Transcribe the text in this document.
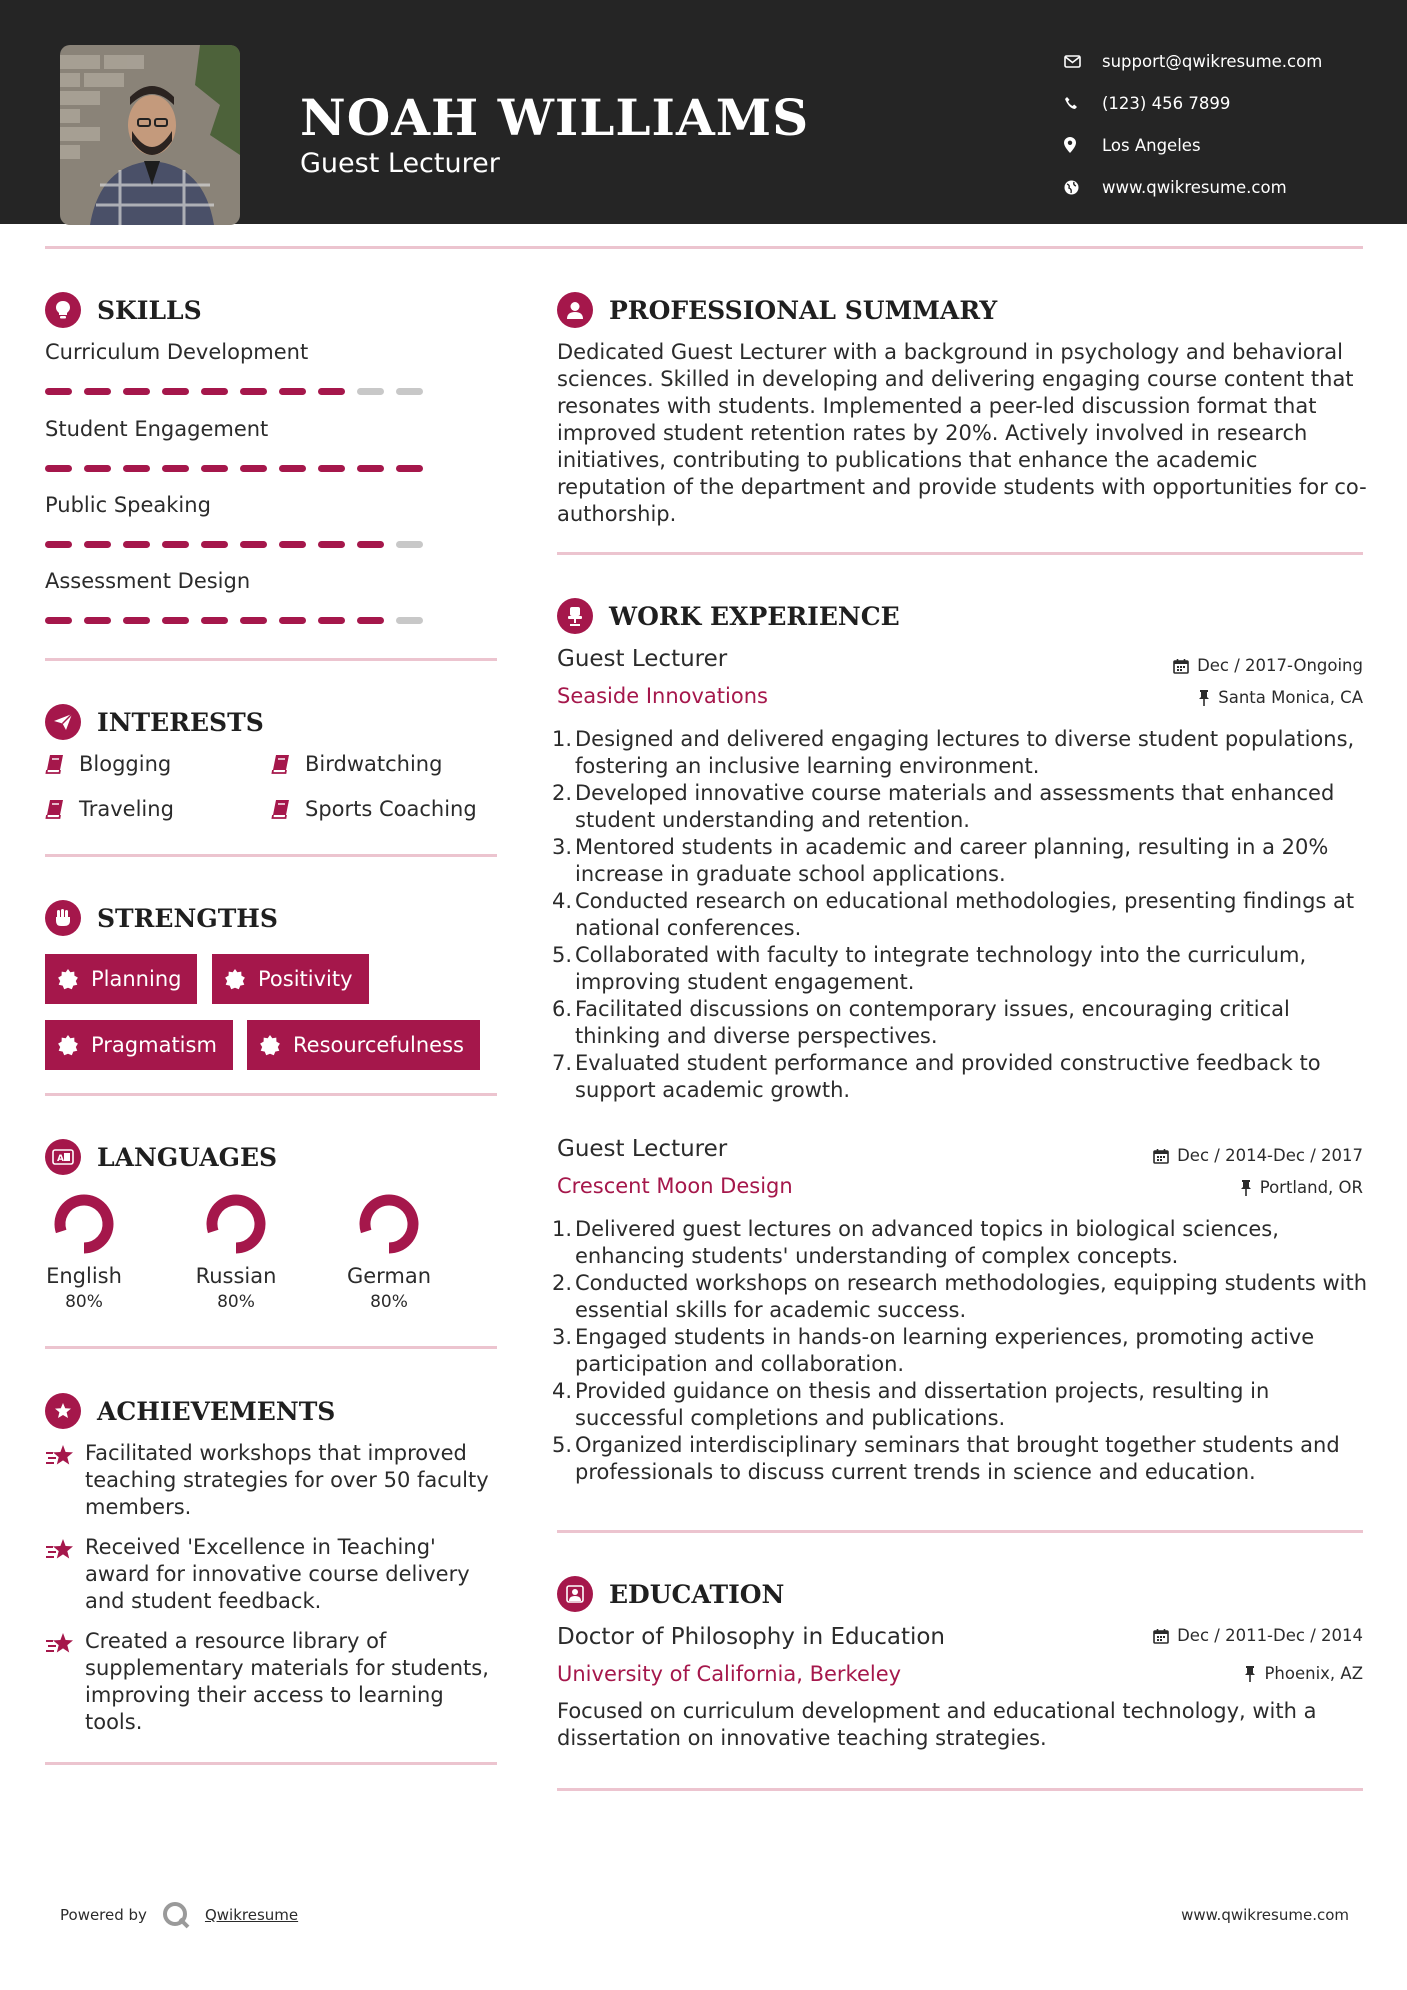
NOAH WILLIAMS
Guest Lecturer
support@qwikresume.com
(123) 456 7899
Los Angeles
www.qwikresume.com
SKILLS
Curriculum Development
Student Engagement
Public Speaking
Assessment Design
INTERESTS
Blogging	Birdwatching
Traveling	Sports Coaching
STRENGTHS
Planning	Positivity
Pragmatism	Resourcefulness
A LANGUAGES
English
80%
Russian
80%
German
80%
ACHIEVEMENTS
Facilitated workshops that improved teaching strategies for over 50 faculty members.
Received 'Excellence in Teaching' award for innovative course delivery and student feedback.
Created a resource library of supplementary materials for students, improving their access to learning tools.
PROFESSIONAL SUMMARY
Dedicated Guest Lecturer with a background in psychology and behavioral sciences. Skilled in developing and delivering engaging course content that resonates with students. Implemented a peer-led discussion format that improved student retention rates by 20%. Actively involved in research initiatives, contributing to publications that enhance the academic reputation of the department and provide students with opportunities for co-authorship.
WORK EXPERIENCE
Guest Lecturer	Dec / 2017-Ongoing
Seaside Innovations	Santa Monica, CA
1. Designed and delivered engaging lectures to diverse student populations, fostering an inclusive learning environment.
2. Developed innovative course materials and assessments that enhanced student understanding and retention.
3. Mentored students in academic and career planning, resulting in a 20% increase in graduate school applications.
4. Conducted research on educational methodologies, presenting findings at national conferences.
5. Collaborated with faculty to integrate technology into the curriculum, improving student engagement.
6. Facilitated discussions on contemporary issues, encouraging critical thinking and diverse perspectives.
7. Evaluated student performance and provided constructive feedback to support academic growth.
Guest Lecturer	Dec / 2014-Dec / 2017
Crescent Moon Design	Portland, OR
1. Delivered guest lectures on advanced topics in biological sciences, enhancing students' understanding of complex concepts.
2. Conducted workshops on research methodologies, equipping students with essential skills for academic success.
3. Engaged students in hands-on learning experiences, promoting active participation and collaboration.
4. Provided guidance on thesis and dissertation projects, resulting in successful completions and publications.
5. Organized interdisciplinary seminars that brought together students and professionals to discuss current trends in science and education.
EDUCATION
Doctor of Philosophy in Education	Dec / 2011-Dec / 2014
University of California, Berkeley	Phoenix, AZ
Focused on curriculum development and educational technology, with a dissertation on innovative teaching strategies.
Powered by	Qwikresume	www.qwikresume.com
